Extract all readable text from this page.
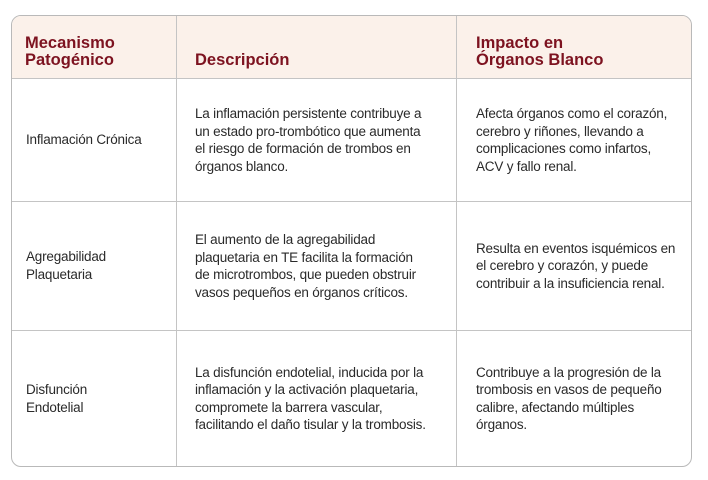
Mecanismo
Patogénico	Descripción
Impacto en
Órganos Blanco
Inflamación Crónica
La inflamación persistente contribuye a
un estado pro-trombótico que aumenta
el riesgo de formación de trombos en
órganos blanco.
Afecta órganos como el corazón,
cerebro y riñones, llevando a
complicaciones como infartos,
ACV y fallo renal.
Agregabilidad
Plaquetaria
El aumento de la agregabilidad
plaquetaria en TE facilita la formación
de microtrombos, que pueden obstruir
vasos pequeños en órganos críticos.
Resulta en eventos isquémicos en
el cerebro y corazón, y puede
contribuir a la insuficiencia renal.
Disfunción
Endotelial
La disfunción endotelial, inducida por la
inflamación y la activación plaquetaria,
compromete la barrera vascular,
facilitando el daño tisular y la trombosis.
Contribuye a la progresión de la
trombosis en vasos de pequeño
calibre, afectando múltiples
órganos.
